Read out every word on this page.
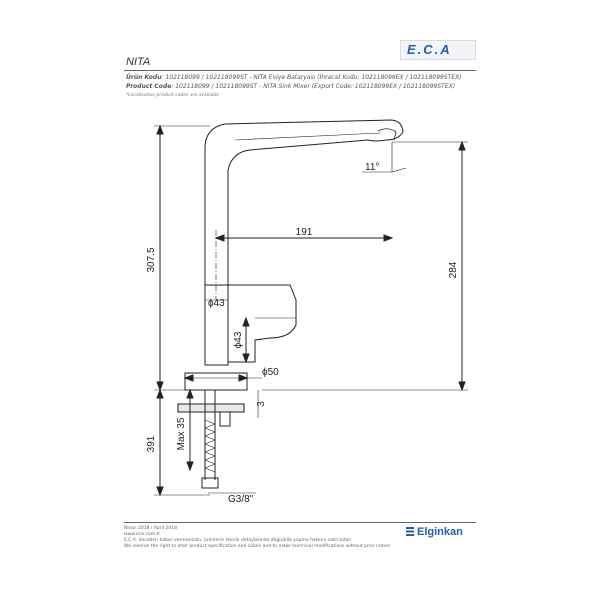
E.C.A
NITA
Ürün Kodu: 102118099 / 102118099ST - NITA Eviye Bataryası (İhracat Kodu: 102118099EX / 102118099STEX)
Product Code: 102118099 / 102118099ST - NITA Sink Mixer (Export Code: 102118099EX / 102118099STEX)
*Localisation product codes are available
307.5
191
284
11°
ϕ43
ϕ43
ϕ50
3
Max 35
391
G3/8"
Nisan 2018 / April 2018
www.eca.com.tr
E.C.A. önceden haber vermeksizin, ürünlerin teknik detaylarında değişiklik yapma hakkını saklı tutar.
We reserve the right to alter product specification and colors and to make technical modifications without prior notice.
Elginkan
